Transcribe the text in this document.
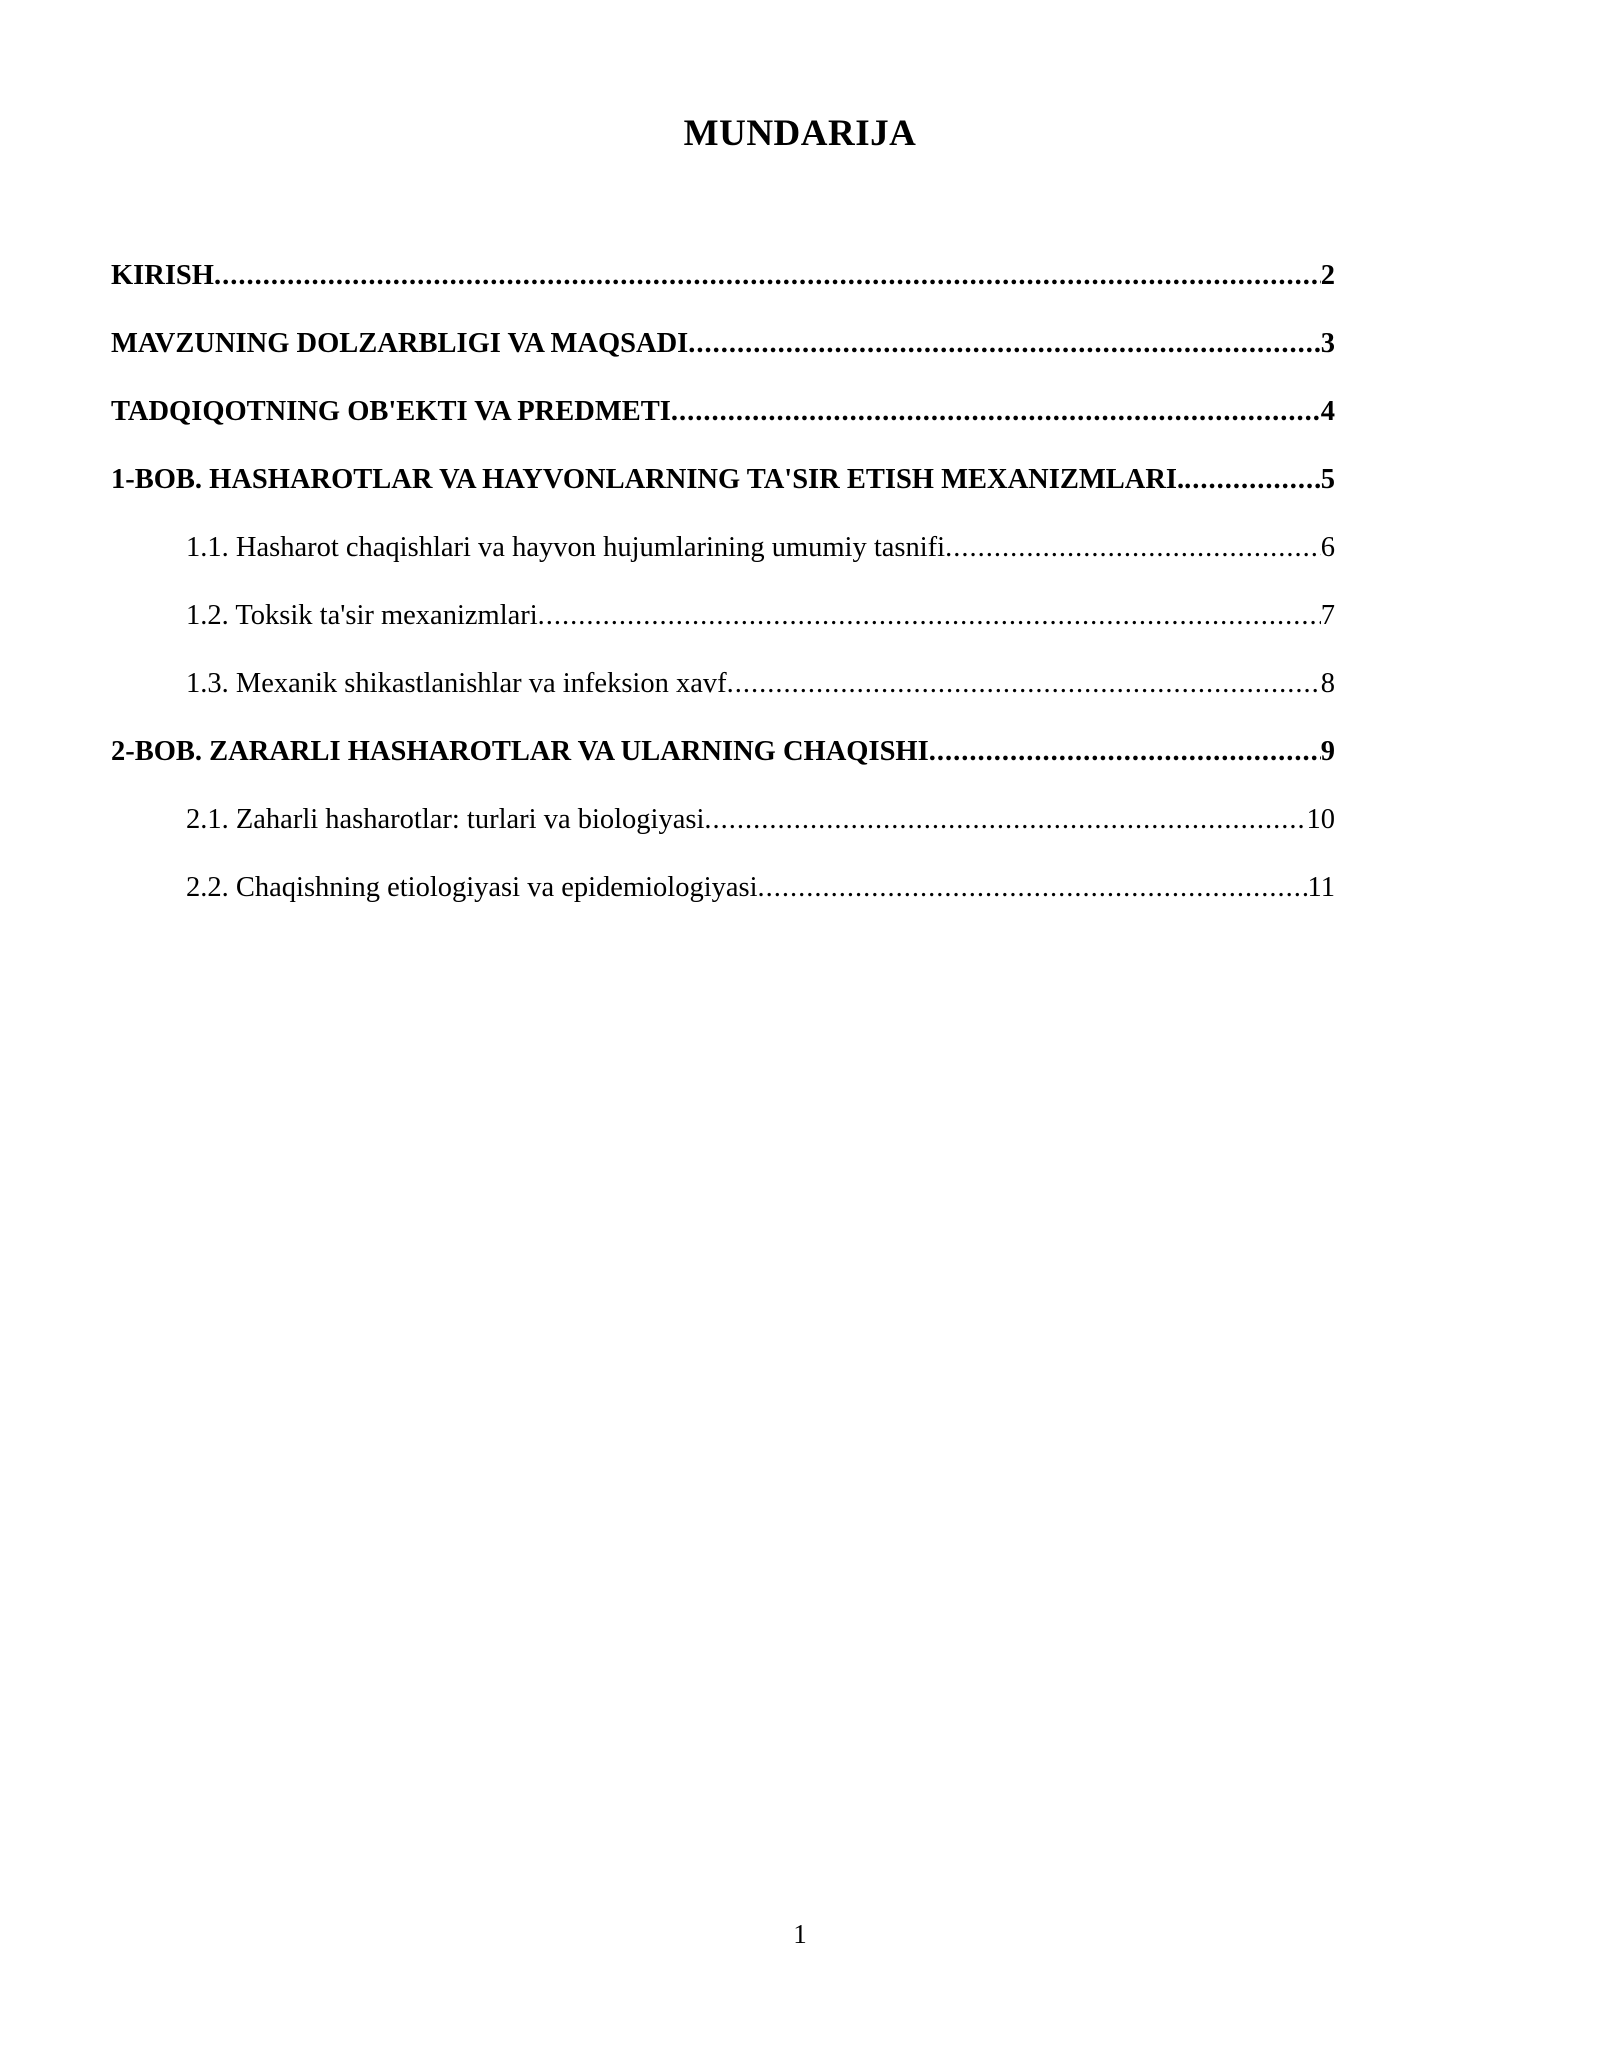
MUNDARIJA
KIRISH .....	2
MAVZUNING DOLZARBLIGI VA MAQSADI .....	3
TADQIQOTNING OB'EKTI VA PREDMETI .....	4
1-BOB. HASHAROTLAR VA HAYVONLARNING TA'SIR ETISH MEXANIZMLARI. .....	5
1.1. Hasharot chaqishlari va hayvon hujumlarining umumiy tasnifi .....	6
1.2. Toksik ta'sir mexanizmlari .....	7
1.3. Mexanik shikastlanishlar va infeksion xavf .....	8
2-BOB. ZARARLI HASHAROTLAR VA ULARNING CHAQISHI .....	9
2.1. Zaharli hasharotlar: turlari va biologiyasi .....	10
2.2. Chaqishning etiologiyasi va epidemiologiyasi .....	11
1
